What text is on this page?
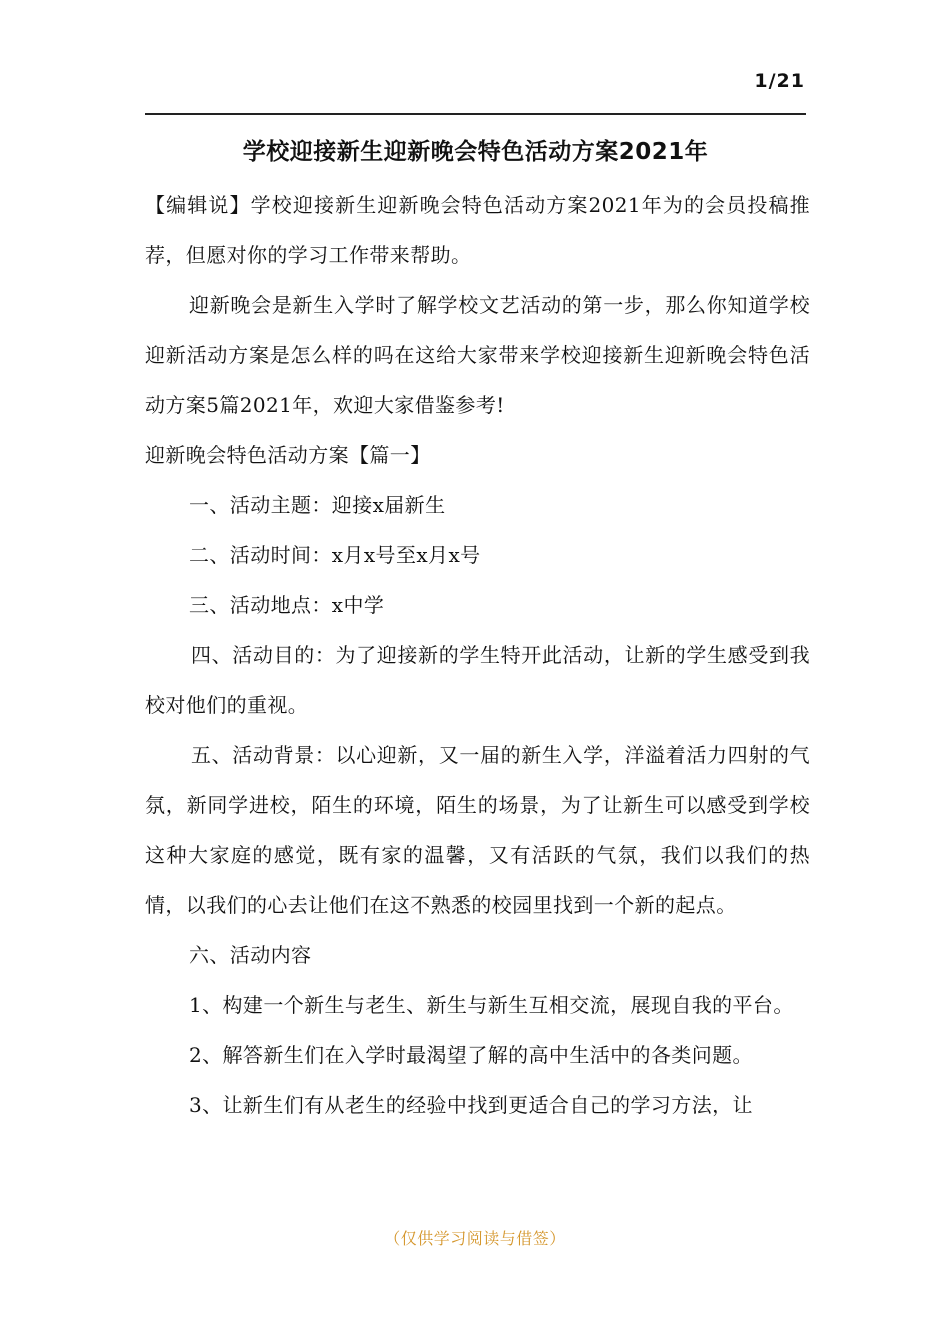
1/21
学校迎接新生迎新晚会特色活动方案2021年

【编辑说】学校迎接新生迎新晚会特色活动方案2021年为的会员投稿推荐，但愿对你的学习工作带来帮助。

迎新晚会是新生入学时了解学校文艺活动的第一步，那么你知道学校迎新活动方案是怎么样的吗在这给大家带来学校迎接新生迎新晚会特色活动方案5篇2021年，欢迎大家借鉴参考!

迎新晚会特色活动方案【篇一】

一、活动主题：迎接x届新生

二、活动时间：x月x号至x月x号

三、活动地点：x中学

四、活动目的：为了迎接新的学生特开此活动，让新的学生感受到我校对他们的重视。

五、活动背景：以心迎新，又一届的新生入学，洋溢着活力四射的气氛，新同学进校，陌生的环境，陌生的场景，为了让新生可以感受到学校这种大家庭的感觉，既有家的温馨，又有活跃的气氛，我们以我们的热情，以我们的心去让他们在这不熟悉的校园里找到一个新的起点。

六、活动内容

1、构建一个新生与老生、新生与新生互相交流，展现自我的平台。

2、解答新生们在入学时最渴望了解的高中生活中的各类问题。

3、让新生们有从老生的经验中找到更适合自己的学习方法，让

（仅供学习阅读与借签）
